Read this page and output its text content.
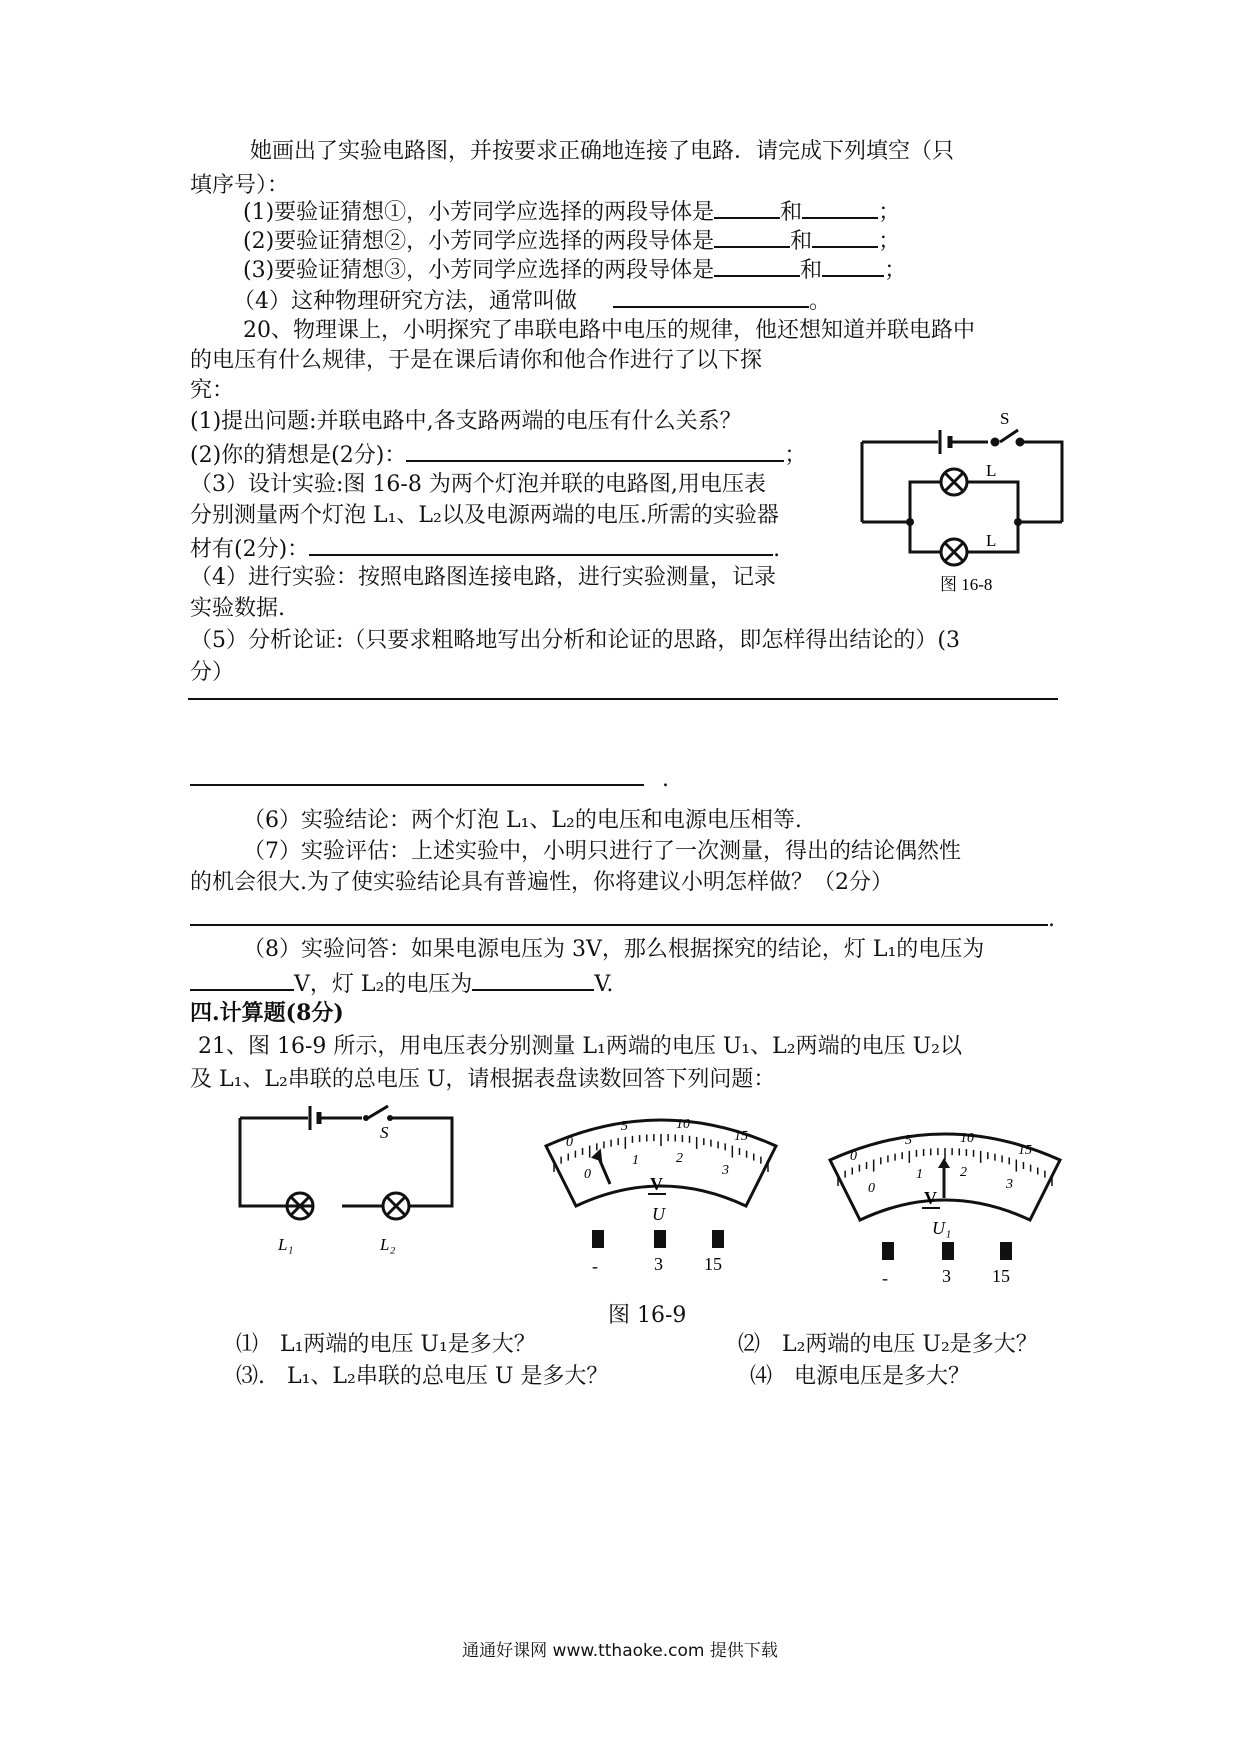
她画出了实验电路图，并按要求正确地连接了电路．请完成下列填空（只
填序号）：
(1)要验证猜想①，小芳同学应选择的两段导体是	和	；
(2)要验证猜想②，小芳同学应选择的两段导体是	和	；
(3)要验证猜想③，小芳同学应选择的两段导体是	和	；
（4）这种物理研究方法，通常叫做	。
20、物理课上，小明探究了串联电路中电压的规律，他还想知道并联电路中
的电压有什么规律，于是在课后请你和他合作进行了以下探
究：
(1)提出问题:并联电路中,各支路两端的电压有什么关系？
(2)你的猜想是(2分)：	；
（3）设计实验:图 16-8 为两个灯泡并联的电路图,用电压表
分别测量两个灯泡 L₁、L₂以及电源两端的电压.所需的实验器
材有(2分)：	.
（4）进行实验：按照电路图连接电路，进行实验测量，记录
实验数据.
（5）分析论证:（只要求粗略地写出分析和论证的思路，即怎样得出结论的）(3
分）
.
（6）实验结论：两个灯泡 L₁、L₂的电压和电源电压相等.
（7）实验评估：上述实验中，小明只进行了一次测量，得出的结论偶然性
的机会很大.为了使实验结论具有普遍性，你将建议小明怎样做？（2分）
.
（8）实验问答：如果电源电压为 3V，那么根据探究的结论，灯 L₁的电压为
V，灯 L₂的电压为	V.
S
L
L
图 16-8
四.计算题(8分)
21、图 16-9 所示，用电压表分别测量 L₁两端的电压 U₁、L₂两端的电压 U₂以
及 L₁、L₂串联的总电压 U，请根据表盘读数回答下列问题：
S
L₁	L₂
0
5	10
15
0
1	2
3
V
U
-	3 15
0
5	10
15
0
1	2
3
V
U₁
-	3 15
图 16-9
⑴　L₁两端的电压 U₁是多大？	⑵　L₂两端的电压 U₂是多大？
⑶.　L₁、L₂串联的总电压 U 是多大？	⑷　电源电压是多大？
通通好课网 www.tthaoke.com 提供下载
